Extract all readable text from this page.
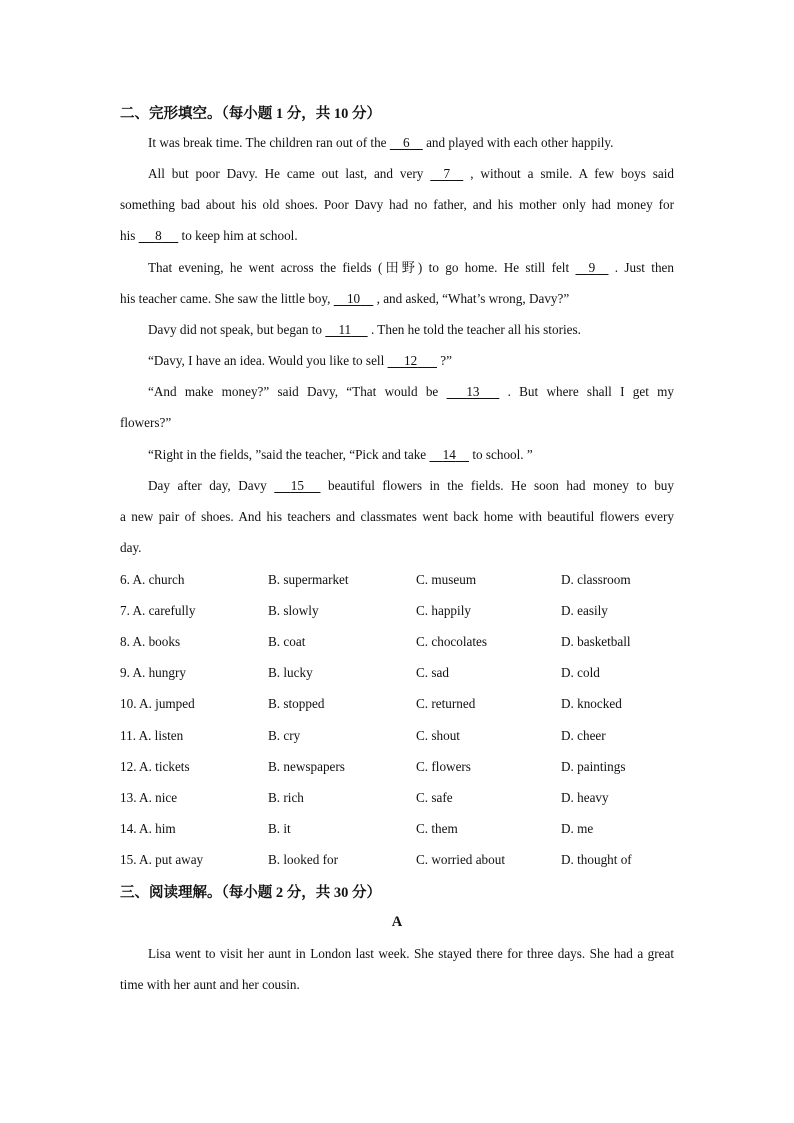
二、完形填空。（每小题 1 分，共 10 分）
It was break time. The children ran out of the     6     and played with each other happily.
All but poor Davy. He came out last, and very     7     , without a smile. A few boys said
something bad about his old shoes. Poor Davy had no father, and his mother only had money for
his      8      to keep him at school.
That evening, he went across the fields (田野) to go home. He still felt     9     . Just then
his teacher came. She saw the little boy,     10     , and asked, “What’s wrong, Davy?”
Davy did not speak, but began to     11      . Then he told the teacher all his stories.
“Davy, I have an idea. Would you like to sell      12       ?”
“And make money?” said Davy, “That would be       13       . But where shall I get my
flowers?”
“Right in the fields, ”said the teacher, “Pick and take     14     to school. ”
Day after day, Davy      15      beautiful flowers in the fields. He soon had money to buy
a new pair of shoes. And his teachers and classmates went back home with beautiful flowers every
day.
6. A. church	B. supermarket	C. museum	D. classroom
7. A. carefully	B. slowly	C. happily	D. easily
8. A. books	B. coat	C. chocolates	D. basketball
9. A. hungry	B. lucky	C. sad	D. cold
10. A. jumped	B. stopped	C. returned	D. knocked
11. A. listen	B. cry	C. shout	D. cheer
12. A. tickets	B. newspapers	C. flowers	D. paintings
13. A. nice	B. rich	C. safe	D. heavy
14. A. him	B. it	C. them	D. me
15. A. put away	B. looked for	C. worried about	D. thought of
三、阅读理解。（每小题 2 分，共 30 分）
A
Lisa went to visit her aunt in London last week. She stayed there for three days. She had a great
time with her aunt and her cousin.
